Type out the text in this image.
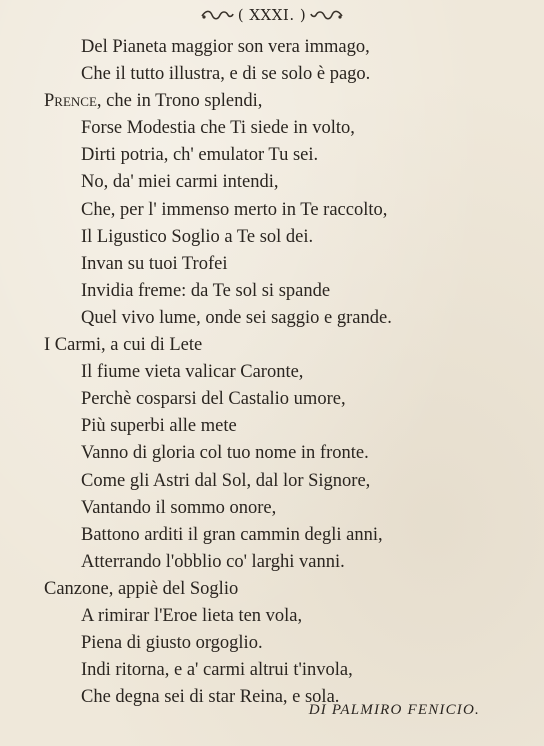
( XXXI. )
Del Pianeta maggior son vera immago,
Che il tutto illustra, e di se solo è pago.
Prence, che in Trono splendi,
Forse Modestia che Ti siede in volto,
Dirti potria, ch' emulator Tu sei.
No, da' miei carmi intendi,
Che, per l' immenso merto in Te raccolto,
Il Ligustico Soglio a Te sol dei.
Invan su tuoi Trofei
Invidia freme: da Te sol si spande
Quel vivo lume, onde sei saggio e grande.
I Carmi, a cui di Lete
Il fiume vieta valicar Caronte,
Perchè cosparsi del Castalio umore,
Più superbi alle mete
Vanno di gloria col tuo nome in fronte.
Come gli Astri dal Sol, dal lor Signore,
Vantando il sommo onore,
Battono arditi il gran cammin degli anni,
Atterrando l'obblio co' larghi vanni.
Canzone, appiè del Soglio
A rimirar l'Eroe lieta ten vola,
Piena di giusto orgoglio.
Indi ritorna, e a' carmi altrui t'invola,
Che degna sei di star Reina, e sola.
DI PALMIRO FENICIO.
